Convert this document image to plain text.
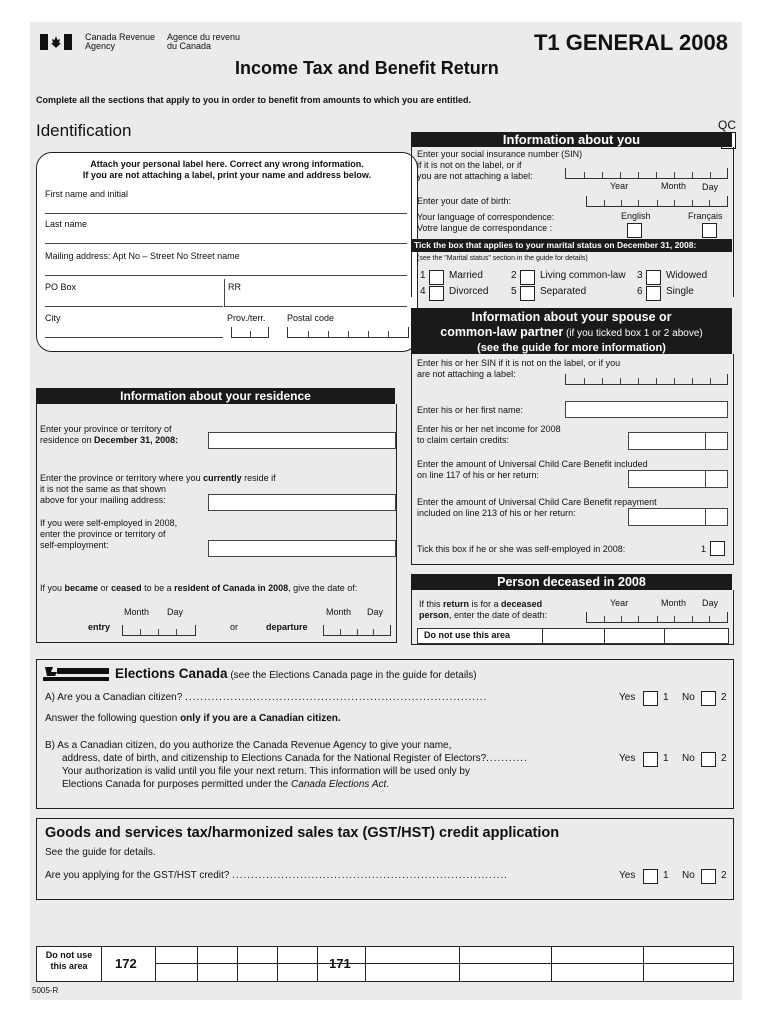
Canada Revenue
Agency
Agence du revenu
du Canada	T1 GENERAL 2008
Income Tax and Benefit Return
Complete all the sections that apply to you in order to benefit from amounts to which you are entitled.
Identification
Attach your personal label here. Correct any wrong information.
If you are not attaching a label, print your name and address below.
First name and initial
Last name
Mailing address: Apt No – Street No Street name
PO Box	RR
City	Prov./terr. Postal code
QC
Information about you
Enter your social insurance number (SIN)
if it is not on the label, or if
you are not attaching a label:
Year	Month Day
Enter your date of birth:
Your language of correspondence:
Votre langue de correspondance :
English	Français
Tick the box that applies to your marital status on December 31, 2008:
(see the "Marital status" section in the guide for details)
1 Married	2 Living common-law 3 Widowed
4 Divorced 5 Separated	6 Single
Information about your spouse or
common-law partner (if you ticked box 1 or 2 above)
(see the guide for more information)
Enter his or her SIN if it is not on the label, or if you
are not attaching a label:
Enter his or her first name:
Enter his or her net income for 2008
to claim certain credits:
Enter the amount of Universal Child Care Benefit included
on line 117 of his or her return:
Enter the amount of Universal Child Care Benefit repayment
included on line 213 of his or her return:
Tick this box if he or she was self-employed in 2008:	1
Information about your residence
Enter your province or territory of
residence on December 31, 2008:
Enter the province or territory where you currently reside if
it is not the same as that shown
above for your mailing address:
If you were self-employed in 2008,
enter the province or territory of
self-employment:
If you became or ceased to be a resident of Canada in 2008, give the date of:
Month Day
entry	or
Month Day
departure
Person deceased in 2008
If this return is for a deceased
person, enter the date of death:
Year	Month Day
Do not use this area
Elections Canada (see the Elections Canada page in the guide for details)
A) Are you a Canadian citizen? ................................................................................	Yes	1 No	2
Answer the following question only if you are a Canadian citizen.
B) As a Canadian citizen, do you authorize the Canada Revenue Agency to give your name,
address, date of birth, and citizenship to Elections Canada for the National Register of Electors?...........
Your authorization is valid until you file your next return. This information will be used only by
Elections Canada for purposes permitted under the Canada Elections Act.
Yes	1 No	2
Goods and services tax/harmonized sales tax (GST/HST) credit application
See the guide for details.
Are you applying for the GST/HST credit? .........................................................................	Yes	1 No	2
Do not use
this area	172	171
5005-R
